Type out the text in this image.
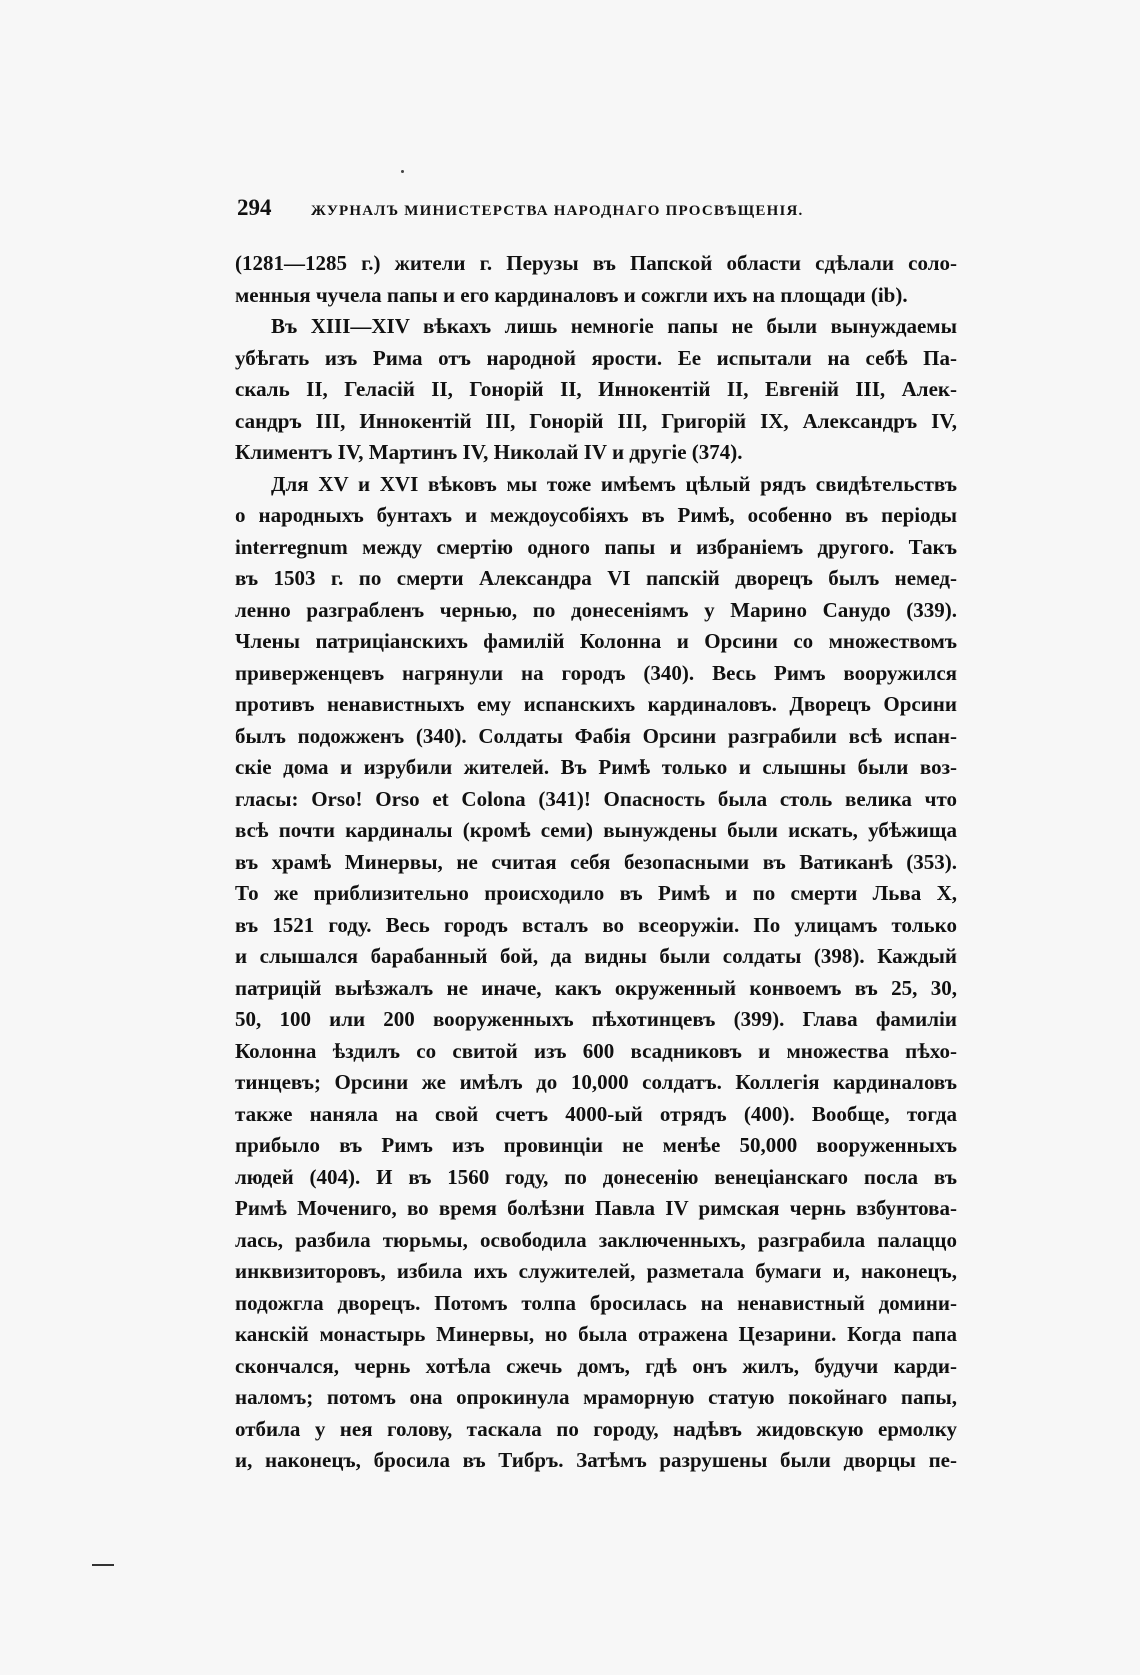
294	ЖУРНАЛЪ МИНИСТЕРСТВА НАРОДНАГО ПРОСВѢЩЕНІЯ.
(1281—1285 г.) жители г. Перузы въ Папской области сдѣлали соло-
менныя чучела папы и его кардиналовъ и сожгли ихъ на площади (ib).
Въ XIII—XIV вѣкахъ лишь немногіе папы не были вынуждаемы
убѣгать изъ Рима отъ народной ярости. Ее испытали на себѣ Па-
скаль II, Геласій II, Гонорій II, Иннокентій II, Евгеній III, Алек-
сандръ III, Иннокентій III, Гонорій III, Григорій IX, Александръ IV,
Климентъ IV, Мартинъ IV, Николай IV и другіе (374).
Для XV и XVI вѣковъ мы тоже имѣемъ цѣлый рядъ свидѣтельствъ
о народныхъ бунтахъ и междоусобіяхъ въ Римѣ, особенно въ періоды
interregnum между смертію одного папы и избраніемъ другого. Такъ
въ 1503 г. по смерти Александра VI папскій дворецъ былъ немед-
ленно разграбленъ чернью, по донесеніямъ у Марино Санудо (339).
Члены патриціанскихъ фамилій Колонна и Орсини со множествомъ
приверженцевъ нагрянули на городъ (340). Весь Римъ вооружился
противъ ненавистныхъ ему испанскихъ кардиналовъ. Дворецъ Орсини
былъ подожженъ (340). Солдаты Фабія Орсини разграбили всѣ испан-
скіе дома и изрубили жителей. Въ Римѣ только и слышны были воз-
гласы: Orso! Orso et Colona (341)! Опасность была столь велика что
всѣ почти кардиналы (кромѣ семи) вынуждены были искать, убѣжища
въ храмѣ Минервы, не считая себя безопасными въ Ватиканѣ (353).
То же приблизительно происходило въ Римѣ и по смерти Льва X,
въ 1521 году. Весь городъ всталъ во всеоружіи. По улицамъ только
и слышался барабанный бой, да видны были солдаты (398). Каждый
патрицій выѣзжалъ не иначе, какъ окруженный конвоемъ въ 25, 30,
50, 100 или 200 вооруженныхъ пѣхотинцевъ (399). Глава фамиліи
Колонна ѣздилъ со свитой изъ 600 всадниковъ и множества пѣхо-
тинцевъ; Орсини же имѣлъ до 10,000 солдатъ. Коллегія кардиналовъ
также наняла на свой счетъ 4000-ый отрядъ (400). Вообще, тогда
прибыло въ Римъ изъ провинціи не менѣе 50,000 вооруженныхъ
людей (404). И въ 1560 году, по донесенію венеціанскаго посла въ
Римѣ Мочениго, во время болѣзни Павла IV римская чернь взбунтова-
лась, разбила тюрьмы, освободила заключенныхъ, разграбила палаццо
инквизиторовъ, избила ихъ служителей, разметала бумаги и, наконецъ,
подожгла дворецъ. Потомъ толпа бросилась на ненавистный домини-
канскій монастырь Минервы, но была отражена Цезарини. Когда папа
скончался, чернь хотѣла сжечь домъ, гдѣ онъ жилъ, будучи карди-
наломъ; потомъ она опрокинула мраморную статую покойнаго папы,
отбила у нея голову, таскала по городу, надѣвъ жидовскую ермолку
и, наконецъ, бросила въ Тибръ. Затѣмъ разрушены были дворцы пе-
